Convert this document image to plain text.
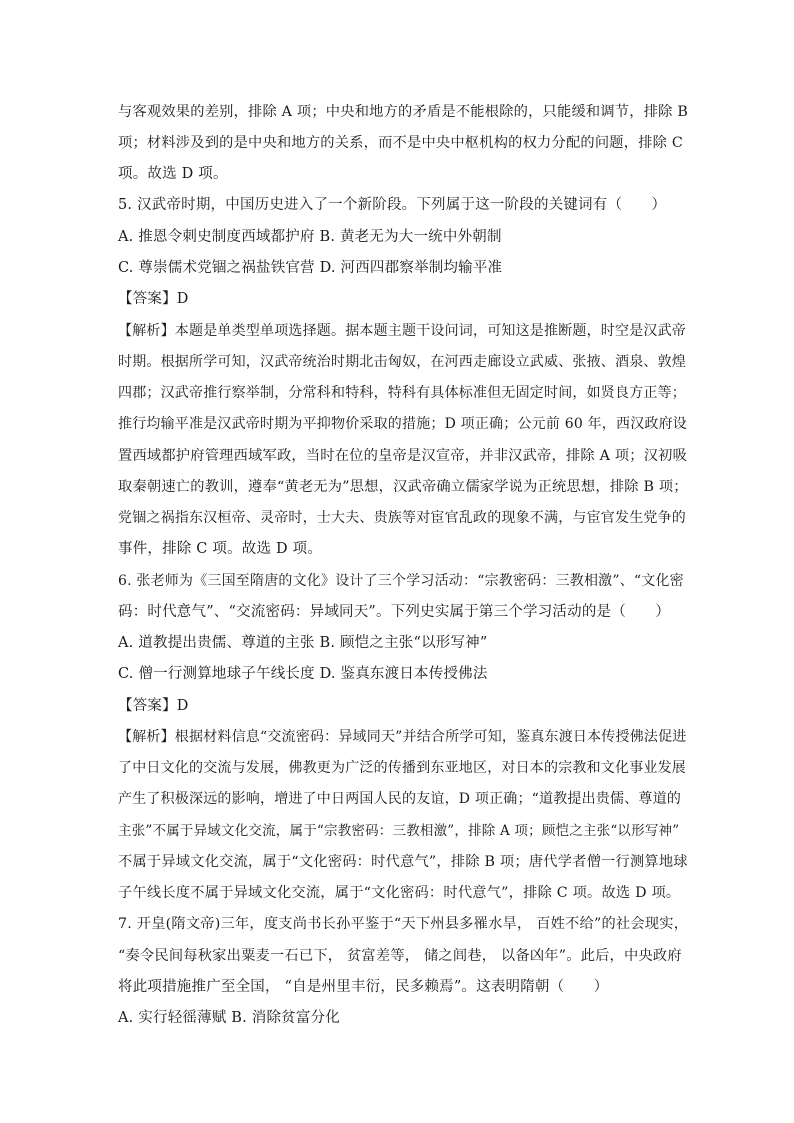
与客观效果的差别，排除 A 项；中央和地方的矛盾是不能根除的，只能缓和调节，排除 B
项；材料涉及到的是中央和地方的关系，而不是中央中枢机构的权力分配的问题，排除 C
项。故选 D 项。
5. 汉武帝时期，中国历史进入了一个新阶段。下列属于这一阶段的关键词有（　　）
A. 推恩令刺史制度西域都护府 B. 黄老无为大一统中外朝制
C. 尊崇儒术党锢之祸盐铁官营 D. 河西四郡察举制均输平准
【答案】D
【解析】本题是单类型单项选择题。据本题主题干设问词，可知这是推断题，时空是汉武帝
时期。根据所学可知，汉武帝统治时期北击匈奴，在河西走廊设立武威、张掖、酒泉、敦煌
四郡；汉武帝推行察举制，分常科和特科，特科有具体标准但无固定时间，如贤良方正等；
推行均输平准是汉武帝时期为平抑物价采取的措施；D 项正确；公元前 60 年，西汉政府设
置西域都护府管理西域军政，当时在位的皇帝是汉宣帝，并非汉武帝，排除 A 项；汉初吸
取秦朝速亡的教训，遵奉“黄老无为”思想，汉武帝确立儒家学说为正统思想，排除 B 项；
党锢之祸指东汉桓帝、灵帝时，士大夫、贵族等对宦官乱政的现象不满，与宦官发生党争的
事件，排除 C 项。故选 D 项。
6. 张老师为《三国至隋唐的文化》设计了三个学习活动：“宗教密码：三教相激”、“文化密
码：时代意气”、“交流密码：异域同天”。下列史实属于第三个学习活动的是（　　）
A. 道教提出贵儒、尊道的主张 B. 顾恺之主张“以形写神”
C. 僧一行测算地球子午线长度 D. 鉴真东渡日本传授佛法
【答案】D
【解析】根据材料信息“交流密码：异域同天”并结合所学可知，鉴真东渡日本传授佛法促进
了中日文化的交流与发展，佛教更为广泛的传播到东亚地区，对日本的宗教和文化事业发展
产生了积极深远的影响，增进了中日两国人民的友谊，D 项正确；“道教提出贵儒、尊道的
主张”不属于异域文化交流，属于“宗教密码：三教相激”，排除 A 项；顾恺之主张“以形写神”
不属于异域文化交流，属于“文化密码：时代意气”，排除 B 项；唐代学者僧一行测算地球
子午线长度不属于异域文化交流，属于“文化密码：时代意气”，排除 C 项。故选 D 项。
7. 开皇(隋文帝)三年，度支尚书长孙平鉴于“天下州县多罹水旱， 百姓不给”的社会现实，
“奏令民间每秋家出粟麦一石已下， 贫富差等， 储之闾巷， 以备凶年”。此后，中央政府
将此项措施推广至全国， “自是州里丰衍，民多赖焉”。这表明隋朝（　　）
A. 实行轻徭薄赋 B. 消除贫富分化
